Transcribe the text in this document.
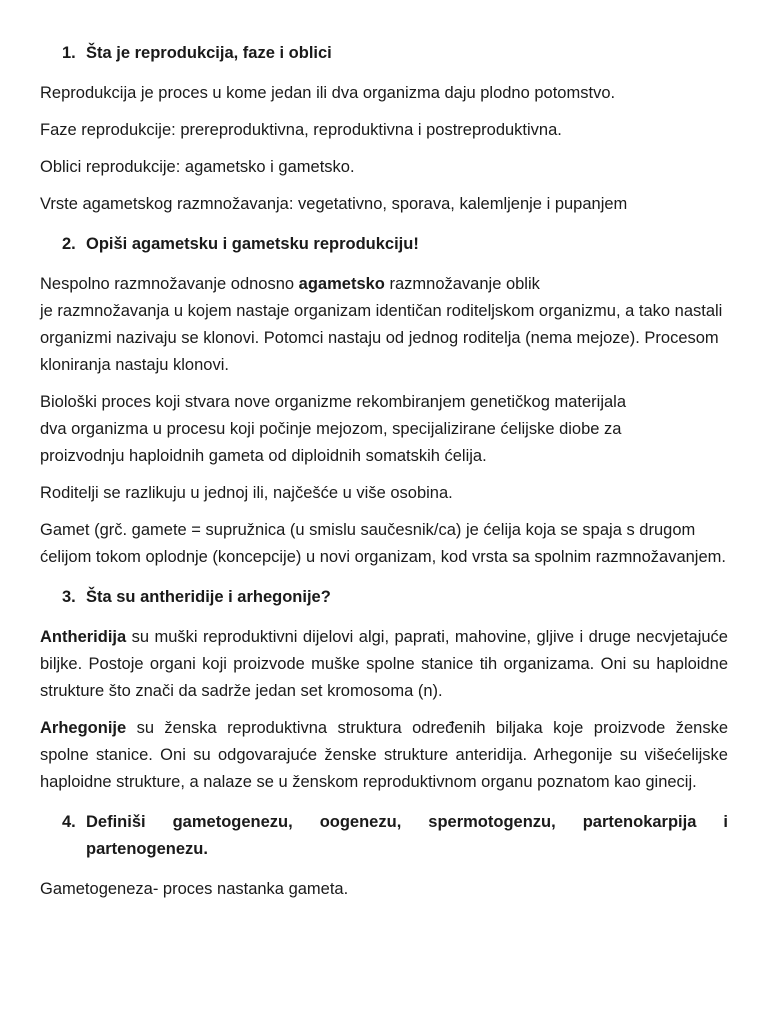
1. Šta je reprodukcija, faze i oblici

Reprodukcija je proces u kome jedan ili dva organizma daju plodno potomstvo.

Faze reprodukcije: prereproduktivna, reproduktivna i postreproduktivna.

Oblici reprodukcije: agametsko i gametsko.

Vrste agametskog razmnožavanja: vegetativno, sporava, kalemljenje i pupanjem

2. Opiši agametsku i gametsku reprodukciju!

Nespolno razmnožavanje odnosno agametsko razmnožavanje oblik
je razmnožavanja u kojem nastaje organizam identičan roditeljskom organizmu, a tako nastali organizmi nazivaju se klonovi. Potomci nastaju od jednog roditelja (nema mejoze). Procesom kloniranja nastaju klonovi.

Biološki proces koji stvara nove organizme rekombiranjem genetičkog materijala
dva organizma u procesu koji počinje mejozom, specijalizirane ćelijske diobe za
proizvodnju haploidnih gameta od diploidnih somatskih ćelija.

Roditelji se razlikuju u jednoj ili, najčešće u više osobina.

Gamet (grč. gamete = supružnica (u smislu saučesnik/ca) je ćelija koja se spaja s drugom ćelijom tokom oplodnje (koncepcije) u novi organizam, kod vrsta sa spolnim razmnožavanjem.

3. Šta su antheridije i arhegonije?

Antheridija su muški reproduktivni dijelovi algi, paprati, mahovine, gljive i druge necvjetajuće biljke. Postoje organi koji proizvode muške spolne stanice tih organizama. Oni su haploidne strukture što znači da sadrže jedan set kromosoma (n).

Arhegonije su ženska reproduktivna struktura određenih biljaka koje proizvode ženske spolne stanice. Oni su odgovarajuće ženske strukture anteridija. Arhegonije su višećelijske haploidne strukture, a nalaze se u ženskom reproduktivnom organu poznatom kao ginecij.

4. Definiši gametogenezu, oogenezu, spermotogenzu, partenokarpija i partenogenezu.

Gametogeneza- proces nastanka gameta.
